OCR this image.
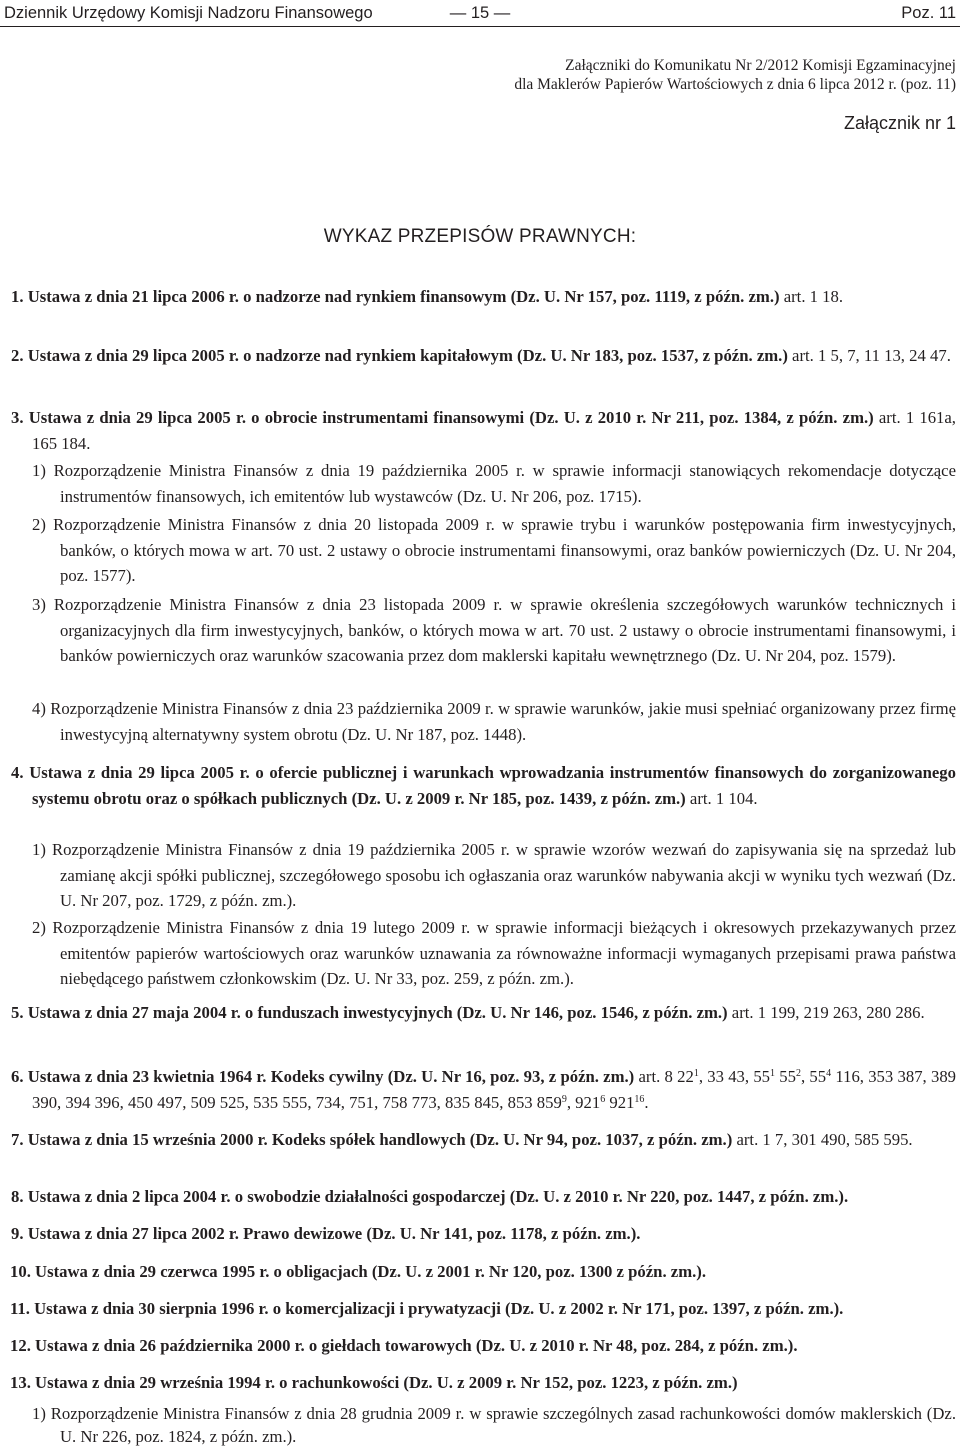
Dziennik Urzędowy Komisji Nadzoru Finansowego	— 15 —	Poz. 11
Załączniki do Komunikatu Nr 2/2012 Komisji Egzaminacyjnej
dla Maklerów Papierów Wartościowych z dnia 6 lipca 2012 r. (poz. 11)
Załącznik nr 1
WYKAZ PRZEPISÓW PRAWNYCH:
1. Ustawa z dnia 21 lipca 2006 r. o nadzorze nad rynkiem finansowym (Dz. U. Nr 157, poz. 1119, z późn. zm.) art. 1 18.
2. Ustawa z dnia 29 lipca 2005 r. o nadzorze nad rynkiem kapitałowym (Dz. U. Nr 183, poz. 1537, z późn. zm.) art. 1 5, 7, 11 13, 24 47.
3. Ustawa z dnia 29 lipca 2005 r. o obrocie instrumentami finansowymi (Dz. U. z 2010 r. Nr 211, poz. 1384, z późn. zm.) art. 1 161a, 165 184.
1) Rozporządzenie Ministra Finansów z dnia 19 października 2005 r. w sprawie informacji stanowiących rekomendacje dotyczące instrumentów finansowych, ich emitentów lub wystawców (Dz. U. Nr 206, poz. 1715).
2) Rozporządzenie Ministra Finansów z dnia 20 listopada 2009 r. w sprawie trybu i warunków postępowania firm inwestycyjnych, banków, o których mowa w art. 70 ust. 2 ustawy o obrocie instrumentami finansowymi, oraz banków powierniczych (Dz. U. Nr 204, poz. 1577).
3) Rozporządzenie Ministra Finansów z dnia 23 listopada 2009 r. w sprawie określenia szczegółowych warunków technicznych i organizacyjnych dla firm inwestycyjnych, banków, o których mowa w art. 70 ust. 2 ustawy o obrocie instrumentami finansowymi, i banków powierniczych oraz warunków szacowania przez dom maklerski kapitału wewnętrznego (Dz. U. Nr 204, poz. 1579).
4) Rozporządzenie Ministra Finansów z dnia 23 października 2009 r. w sprawie warunków, jakie musi spełniać organizowany przez firmę inwestycyjną alternatywny system obrotu (Dz. U. Nr 187, poz. 1448).
4. Ustawa z dnia 29 lipca 2005 r. o ofercie publicznej i warunkach wprowadzania instrumentów finansowych do zorganizowanego systemu obrotu oraz o spółkach publicznych (Dz. U. z 2009 r. Nr 185, poz. 1439, z późn. zm.) art. 1 104.
1) Rozporządzenie Ministra Finansów z dnia 19 października 2005 r. w sprawie wzorów wezwań do zapisywania się na sprzedaż lub zamianę akcji spółki publicznej, szczegółowego sposobu ich ogłaszania oraz warunków nabywania akcji w wyniku tych wezwań (Dz. U. Nr 207, poz. 1729, z późn. zm.).
2) Rozporządzenie Ministra Finansów z dnia 19 lutego 2009 r. w sprawie informacji bieżących i okresowych przekazywanych przez emitentów papierów wartościowych oraz warunków uznawania za równoważne informacji wymaganych przepisami prawa państwa niebędącego państwem członkowskim (Dz. U. Nr 33, poz. 259, z późn. zm.).
5. Ustawa z dnia 27 maja 2004 r. o funduszach inwestycyjnych (Dz. U. Nr 146, poz. 1546, z późn. zm.) art. 1 199, 219 263, 280 286.
6. Ustawa z dnia 23 kwietnia 1964 r. Kodeks cywilny (Dz. U. Nr 16, poz. 93, z późn. zm.) art. 8 $22^1$, 33 43, $55^1$ $55^2$, $55^4$ 116, 353 387, 389 390, 394 396, 450 497, 509 525, 535 555, 734, 751, 758 773, 835 845, 853 $859^9$, $921^6$ $921^{16}$.
7. Ustawa z dnia 15 września 2000 r. Kodeks spółek handlowych (Dz. U. Nr 94, poz. 1037, z późn. zm.) art. 1 7, 301 490, 585 595.
8. Ustawa z dnia 2 lipca 2004 r. o swobodzie działalności gospodarczej (Dz. U. z 2010 r. Nr 220, poz. 1447, z późn. zm.).
9. Ustawa z dnia 27 lipca 2002 r. Prawo dewizowe (Dz. U. Nr 141, poz. 1178, z późn. zm.).
10. Ustawa z dnia 29 czerwca 1995 r. o obligacjach (Dz. U. z 2001 r. Nr 120, poz. 1300 z późn. zm.).
11. Ustawa z dnia 30 sierpnia 1996 r. o komercjalizacji i prywatyzacji (Dz. U. z 2002 r. Nr 171, poz. 1397, z późn. zm.).
12. Ustawa z dnia 26 października 2000 r. o giełdach towarowych (Dz. U. z 2010 r. Nr 48, poz. 284, z późn. zm.).
13. Ustawa z dnia 29 września 1994 r. o rachunkowości (Dz. U. z 2009 r. Nr 152, poz. 1223, z późn. zm.)
1) Rozporządzenie Ministra Finansów z dnia 28 grudnia 2009 r. w sprawie szczególnych zasad rachunkowości domów maklerskich (Dz. U. Nr 226, poz. 1824, z późn. zm.).
